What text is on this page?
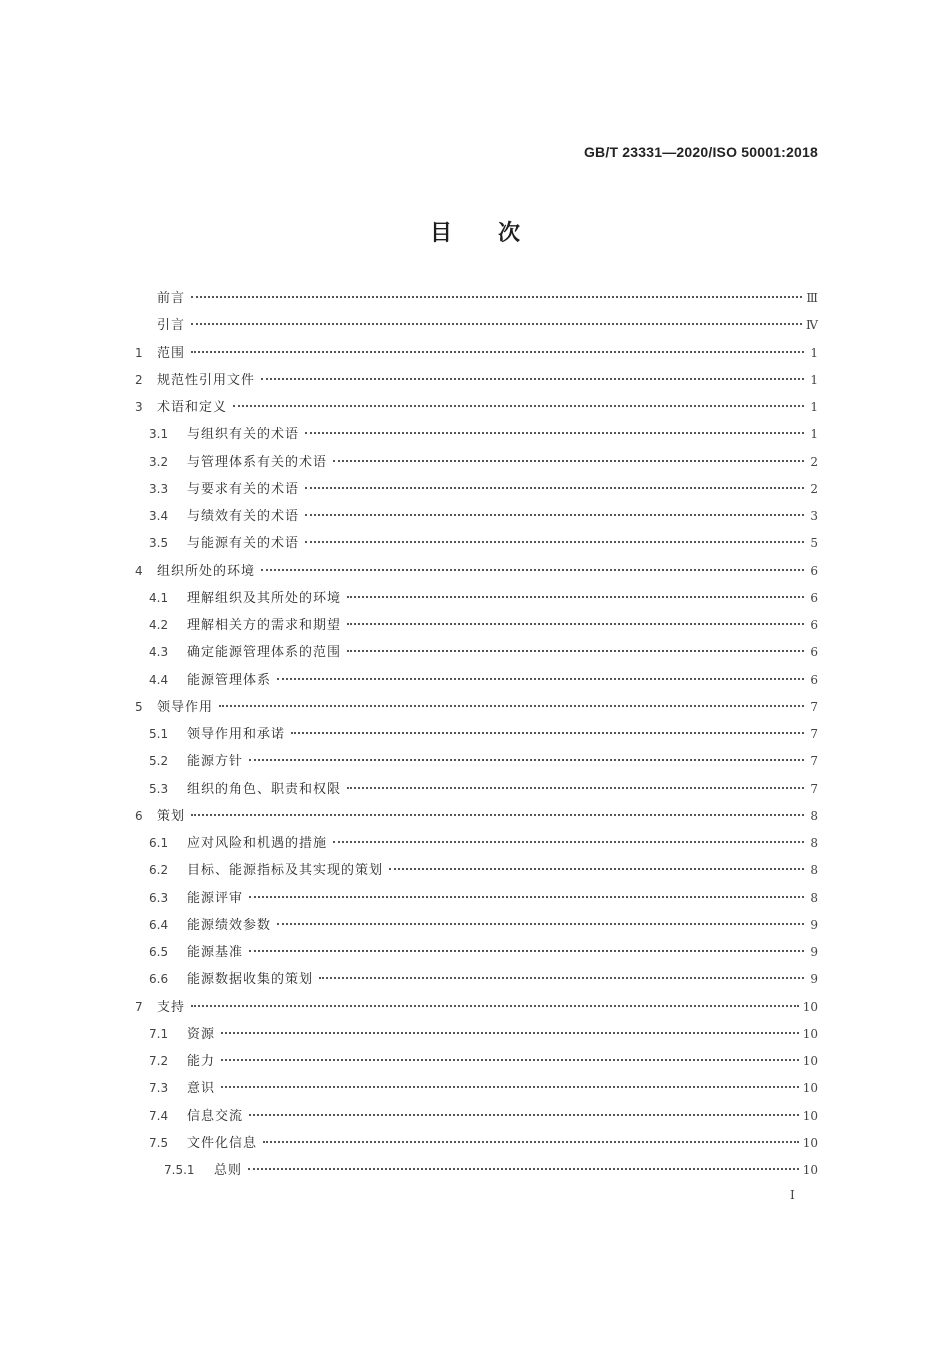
GB/T 23331—2020/ISO 50001:2018
目次
前言	Ⅲ
引言	Ⅳ
1	范围	1
2	规范性引用文件	1
3	术语和定义	1
3.1	与组织有关的术语	1
3.2	与管理体系有关的术语	2
3.3	与要求有关的术语	2
3.4	与绩效有关的术语	3
3.5	与能源有关的术语	5
4	组织所处的环境	6
4.1	理解组织及其所处的环境	6
4.2	理解相关方的需求和期望	6
4.3	确定能源管理体系的范围	6
4.4	能源管理体系	6
5	领导作用	7
5.1	领导作用和承诺	7
5.2	能源方针	7
5.3	组织的角色、职责和权限	7
6	策划	8
6.1	应对风险和机遇的措施	8
6.2	目标、能源指标及其实现的策划	8
6.3	能源评审	8
6.4	能源绩效参数	9
6.5	能源基准	9
6.6	能源数据收集的策划	9
7	支持	10
7.1	资源	10
7.2	能力	10
7.3	意识	10
7.4	信息交流	10
7.5	文件化信息	10
7.5.1	总则	10
I
